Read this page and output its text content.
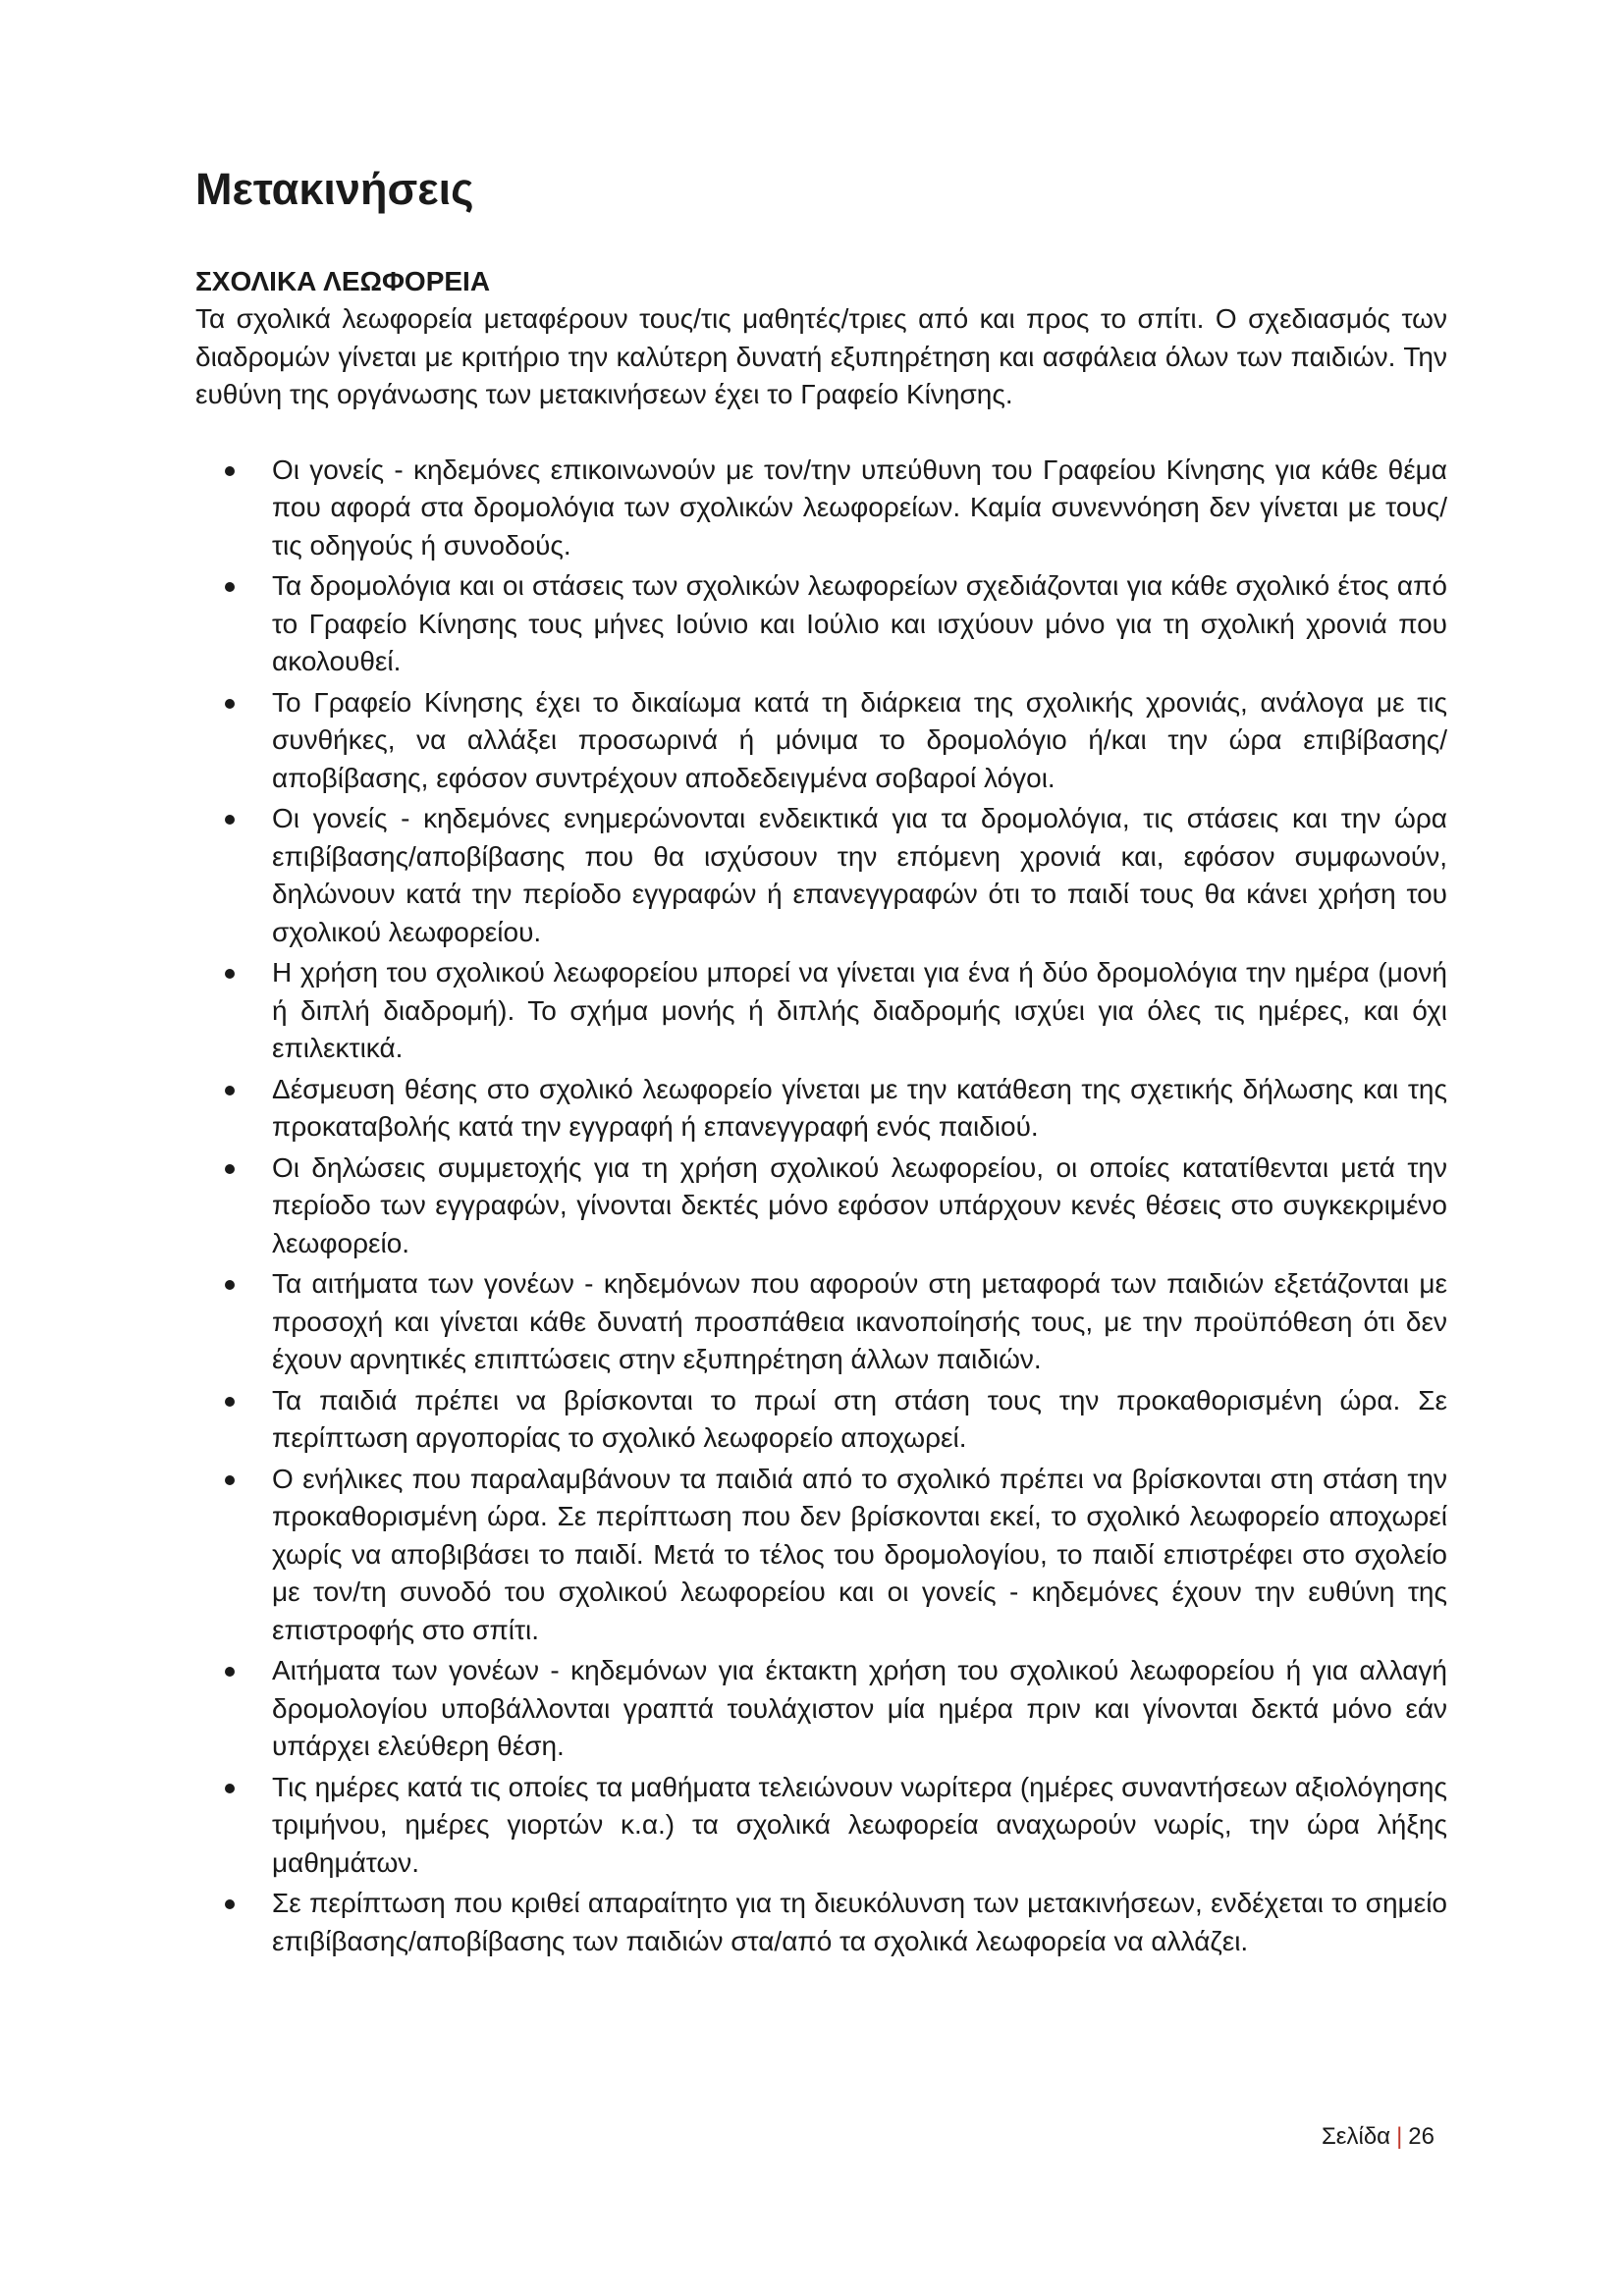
Μετακινήσεις

ΣΧΟΛΙΚΑ ΛΕΩΦΟΡΕΙΑ

Τα σχολικά λεωφορεία μεταφέρουν τους/τις μαθητές/τριες από και προς το σπίτι. Ο σχεδιασμός των διαδρομών γίνεται με κριτήριο την καλύτερη δυνατή εξυπηρέτηση και ασφάλεια όλων των παιδιών. Την ευθύνη της οργάνωσης των μετακινήσεων έχει το Γραφείο Κίνησης.

Οι γονείς - κηδεμόνες επικοινωνούν με τον/την υπεύθυνη του Γραφείου Κίνησης για κάθε θέμα που αφορά στα δρομολόγια των σχολικών λεωφορείων. Καμία συνεννόηση δεν γίνεται με τους/τις οδηγούς ή συνοδούς.
Τα δρομολόγια και οι στάσεις των σχολικών λεωφορείων σχεδιάζονται για κάθε σχολικό έτος από το Γραφείο Κίνησης τους μήνες Ιούνιο και Ιούλιο και ισχύουν μόνο για τη σχολική χρονιά που ακολουθεί.
Το Γραφείο Κίνησης έχει το δικαίωμα κατά τη διάρκεια της σχολικής χρονιάς, ανάλογα με τις συνθήκες, να αλλάξει προσωρινά ή μόνιμα το δρομολόγιο ή/και την ώρα επιβίβασης/αποβίβασης, εφόσον συντρέχουν αποδεδειγμένα σοβαροί λόγοι.
Οι γονείς - κηδεμόνες ενημερώνονται ενδεικτικά για τα δρομολόγια, τις στάσεις και την ώρα επιβίβασης/αποβίβασης που θα ισχύσουν την επόμενη χρονιά και, εφόσον συμφωνούν, δηλώνουν κατά την περίοδο εγγραφών ή επανεγγραφών ότι το παιδί τους θα κάνει χρήση του σχολικού λεωφορείου.
Η χρήση του σχολικού λεωφορείου μπορεί να γίνεται για ένα ή δύο δρομολόγια την ημέρα (μονή ή διπλή διαδρομή). Το σχήμα μονής ή διπλής διαδρομής ισχύει για όλες τις ημέρες, και όχι επιλεκτικά.
Δέσμευση θέσης στο σχολικό λεωφορείο γίνεται με την κατάθεση της σχετικής δήλωσης και της προκαταβολής κατά την εγγραφή ή επανεγγραφή ενός παιδιού.
Οι δηλώσεις συμμετοχής για τη χρήση σχολικού λεωφορείου, οι οποίες κατατίθενται μετά την περίοδο των εγγραφών, γίνονται δεκτές μόνο εφόσον υπάρχουν κενές θέσεις στο συγκεκριμένο λεωφορείο.
Τα αιτήματα των γονέων - κηδεμόνων που αφορούν στη μεταφορά των παιδιών εξετάζονται με προσοχή και γίνεται κάθε δυνατή προσπάθεια ικανοποίησής τους, με την προϋπόθεση ότι δεν έχουν αρνητικές επιπτώσεις στην εξυπηρέτηση άλλων παιδιών.
Τα παιδιά πρέπει να βρίσκονται το πρωί στη στάση τους την προκαθορισμένη ώρα. Σε περίπτωση αργοπορίας το σχολικό λεωφορείο αποχωρεί.
Ο ενήλικες που παραλαμβάνουν τα παιδιά από το σχολικό πρέπει να βρίσκονται στη στάση την προκαθορισμένη ώρα. Σε περίπτωση που δεν βρίσκονται εκεί, το σχολικό λεωφορείο αποχωρεί χωρίς να αποβιβάσει το παιδί. Μετά το τέλος του δρομολογίου, το παιδί επιστρέφει στο σχολείο με τον/τη συνοδό του σχολικού λεωφορείου και οι γονείς - κηδεμόνες έχουν την ευθύνη της επιστροφής στο σπίτι.
Αιτήματα των γονέων - κηδεμόνων για έκτακτη χρήση του σχολικού λεωφορείου ή για αλλαγή δρομολογίου υποβάλλονται γραπτά τουλάχιστον μία ημέρα πριν και γίνονται δεκτά μόνο εάν υπάρχει ελεύθερη θέση.
Τις ημέρες κατά τις οποίες τα μαθήματα τελειώνουν νωρίτερα (ημέρες συναντήσεων αξιολόγησης τριμήνου, ημέρες γιορτών κ.α.) τα σχολικά λεωφορεία αναχωρούν νωρίς, την ώρα λήξης μαθημάτων.
Σε περίπτωση που κριθεί απαραίτητο για τη διευκόλυνση των μετακινήσεων, ενδέχεται το σημείο επιβίβασης/αποβίβασης των παιδιών στα/από τα σχολικά λεωφορεία να αλλάζει.
Σελίδα | 26
